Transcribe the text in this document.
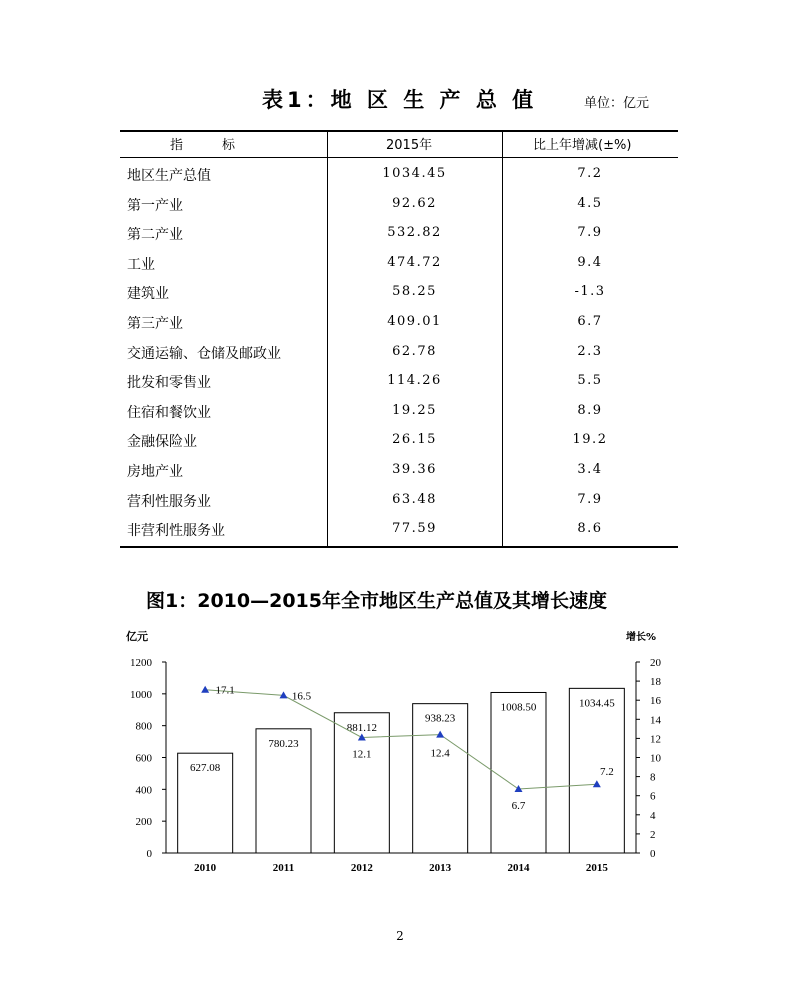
表1：地 区 生 产 总 值	单位：亿元
指　　　标	2015年	比上年增减(±%)
地区生产总值	1034.45	7.2
第一产业	92.62	4.5
第二产业	532.82	7.9
工业	474.72	9.4
建筑业	58.25	-1.3
第三产业	409.01	6.7
交通运输、仓储及邮政业	62.78	2.3
批发和零售业	114.26	5.5
住宿和餐饮业	19.25	8.9
金融保险业	26.15	19.2
房地产业	39.36	3.4
营利性服务业	63.48	7.9
非营利性服务业	77.59	8.6
图1：2010—2015年全市地区生产总值及其增长速度
亿元	增长%
0
200
400
600
800
1000
1200
0
2
4
6
8
10
12
14
16
18
20
627.08
2010
780.23
2011
881.12
2012
938.23
2013
1008.50
2014
1034.45
2015
17.1	16.5
12.1	12.4
6.7
7.2
2
